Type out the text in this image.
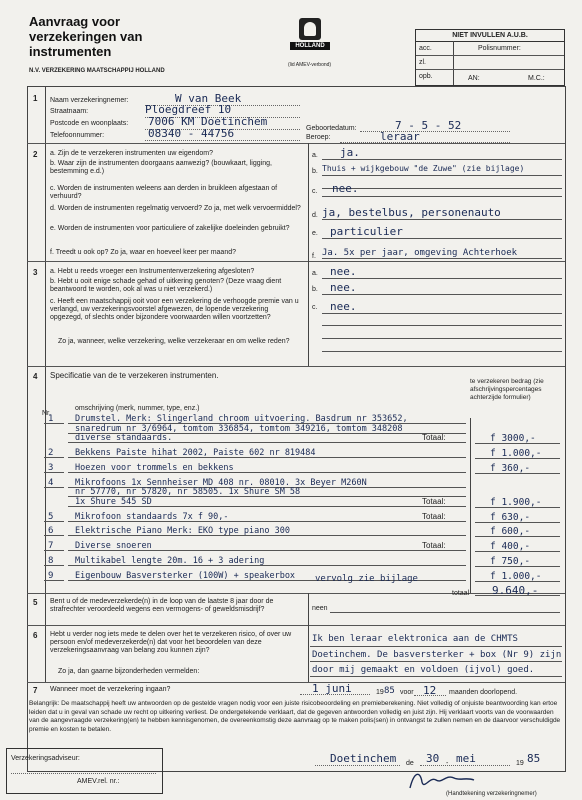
Aanvraag voor
verzekeringen van
instrumenten
N.V. VERZEKERING MAATSCHAPPIJ HOLLAND
HOLLAND
(lid AMEV-verbond)
NIET INVULLEN A.U.B.
acc.	Polisnummer:
zl.
opb.	AN:	M.C.:
1 Naam verzekeringnemer:	W van Beek
Straatnaam:	Ploegdreef 10
Postcode en woonplaats: 7006 KM Doetinchem
Telefoonnummer:	08340 - 44756	Geboortedatum:	7 - 5 - 52
Beroep:	leraar
2 a. Zijn de te verzekeren instrumenten uw eigendom?
b. Waar zijn de instrumenten doorgaans aanwezig? (bouwkaart, ligging, bestemming e.d.)
c. Worden de instrumenten weleens aan derden in bruikleen afgestaan of verhuurd?
d. Worden de instrumenten regelmatig vervoerd? Zo ja, met welk vervoermiddel?
e. Worden de instrumenten voor particuliere of zakelijke doeleinden gebruikt?
f. Treedt u ook op? Zo ja, waar en hoeveel keer per maand?
a. ja.
b. Thuis + wijkgebouw "de Zuwe" (zie bijlage)
c. nee.
d. ja, bestelbus, personenauto
e. particulier
f. Ja. 5x per jaar, omgeving Achterhoek
3 a. Hebt u reeds vroeger een Instrumentenverzekering afgesloten?
b. Hebt u ooit enige schade gehad of uitkering genoten? (Deze vraag dient beantwoord te worden, ook al was u niet verzekerd.)
c. Heeft een maatschappij ooit voor een verzekering de verhoogde premie van u verlangd, uw verzekeringsvoorstel afgewezen, de lopende verzekering opgezegd, of slechts onder bijzondere voorwaarden willen voortzetten?
Zo ja, wanneer, welke verzekering, welke verzekeraar en om welke reden?
a. nee.
b. nee.
c. nee.
4 Specificatie van de te verzekeren instrumenten.
te verzekeren bedrag (zie afschrijvingspercentages achterzijde formulier)
Nr.
omschrijving (merk, nummer, type, enz.)
1	Drumstel. Merk: Slingerland chroom uitvoering. Basdrum nr 353652,
snaredrum nr 3/6964, tomtom 336854, tomtom 349216, tomtom 348208
diverse standaards.	Totaal:	f 3000,-
2	Bekkens Paiste hihat 2002, Paiste 602 nr 819484	f 1.000,-
3	Hoezen voor trommels en bekkens	f 360,-
4	Mikrofoons 1x Sennheiser MD 408 nr. 08010. 3x Beyer M260N
nr 57770, nr 57820, nr 58505. 1x Shure SM 58
1x Shure 545 SD	Totaal:	f 1.900,-
5	Mikrofoon standaards 7x f 90,-	Totaal:	f 630,-
6	Elektrische Piano Merk: EKO type piano 300	f 600,-
7	Diverse snoeren	Totaal:	f 400,-
8	Multikabel lengte 20m. 16 + 3 adering	f 750,-
9	Eigenbouw Basversterker (100W) + speakerbox	f 1.000,-
vervolg zie bijlage
totaal 9.640,-
5 Bent u of de medeverzekerde(n) in de loop van de laatste 8 jaar door de strafrechter veroordeeld wegens een vermogens- of geweldsmisdrijf?	neen
6 Hebt u verder nog iets mede te delen over het te verzekeren risico, of over uw persoon en/of medeverzekerde(n) dat voor het beoordelen van deze verzekeringsaanvraag van belang zou kunnen zijn?
Zo ja, dan gaarne bijzonderheden vermelden:
Ik ben leraar elektronica aan de CHMTS
Doetinchem. De basversterker + box (Nr 9) zijn
door mij gemaakt en voldoen (ijvol) goed.
7 Wanneer moet de verzekering ingaan?	1 juni	19 85 voor 12 maanden doorlopend.
Belangrijk: De maatschappij heeft uw antwoorden op de gestelde vragen nodig voor een juiste risicobeoordeling en premieberekening. Niet volledig of onjuiste beantwoording kan ertoe leiden dat u in geval van schade uw recht op uitkering verliest. De ondergetekende verklaart, dat de gegeven antwoorden volledig en juist zijn. Hij verklaart voorts van de voorwaarden van de aangevraagde verzekering(en) te hebben kennisgenomen, de overeenkomstig deze aanvraag op te maken polis(sen) in ontvangst te zullen nemen en de daarvoor verschuldigde premie en kosten te betalen.
Verzekeringsadviseur:
AMEV.rel. nr.:
Doetinchem de 30 - mei	19 85
(Handtekening verzekeringnemer)
